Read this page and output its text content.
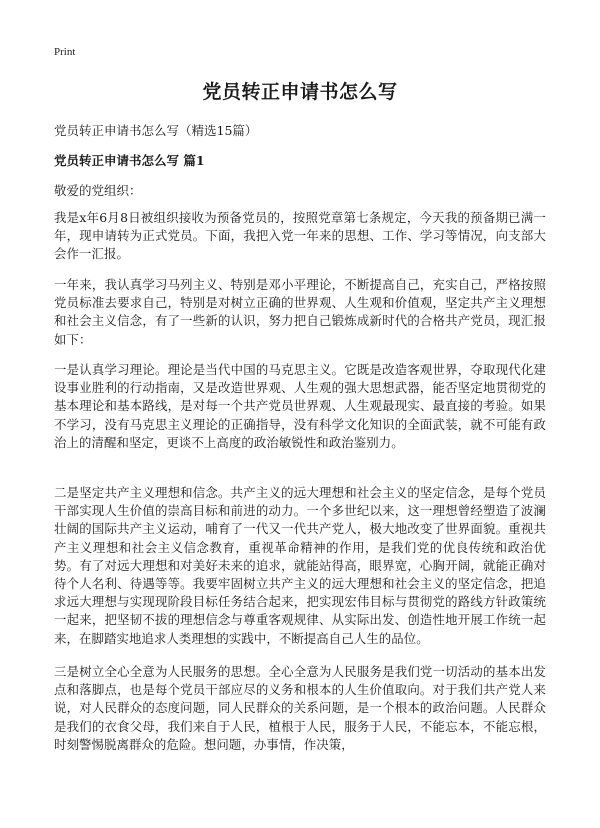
Print
党员转正申请书怎么写
党员转正申请书怎么写（精选15篇）
党员转正申请书怎么写 篇1
敬爱的党组织：

我是x年6月8日被组织接收为预备党员的，按照党章第七条规定，今天我的预备期已满一年，现申请转为正式党员。下面，我把入党一年来的思想、工作、学习等情况，向支部大会作一汇报。

一年来，我认真学习马列主义、特别是邓小平理论，不断提高自己，充实自己，严格按照党员标准去要求自己，特别是对树立正确的世界观、人生观和价值观，坚定共产主义理想和社会主义信念，有了一些新的认识，努力把自己锻炼成新时代的合格共产党员，现汇报如下：

一是认真学习理论。理论是当代中国的马克思主义。它既是改造客观世界，夺取现代化建设事业胜利的行动指南，又是改造世界观、人生观的强大思想武器，能否坚定地贯彻党的基本理论和基本路线，是对每一个共产党员世界观、人生观最现实、最直接的考验。如果不学习，没有马克思主义理论的正确指导，没有科学文化知识的全面武装，就不可能有政治上的清醒和坚定，更谈不上高度的政治敏锐性和政治鉴别力。

二是坚定共产主义理想和信念。共产主义的远大理想和社会主义的坚定信念，是每个党员干部实现人生价值的崇高目标和前进的动力。一个多世纪以来，这一理想曾经塑造了波澜壮阔的国际共产主义运动，哺育了一代又一代共产党人，极大地改变了世界面貌。重视共产主义理想和社会主义信念教育，重视革命精神的作用，是我们党的优良传统和政治优势。有了对远大理想和对美好未来的追求，就能站得高，眼界宽，心胸开阔，就能正确对待个人名利、待遇等等。我要牢固树立共产主义的远大理想和社会主义的坚定信念，把追求远大理想与实现现阶段目标任务结合起来，把实现宏伟目标与贯彻党的路线方针政策统一起来，把坚韧不拔的理想信念与尊重客观规律、从实际出发、创造性地开展工作统一起来，在脚踏实地追求人类理想的实践中，不断提高自己人生的品位。

三是树立全心全意为人民服务的思想。全心全意为人民服务是我们党一切活动的基本出发点和落脚点，也是每个党员干部应尽的义务和根本的人生价值取向。对于我们共产党人来说，对人民群众的态度问题，同人民群众的关系问题，是一个根本的政治问题。人民群众是我们的衣食父母，我们来自于人民，植根于人民，服务于人民，不能忘本，不能忘根，时刻警惕脱离群众的危险。想问题，办事情，作决策，
